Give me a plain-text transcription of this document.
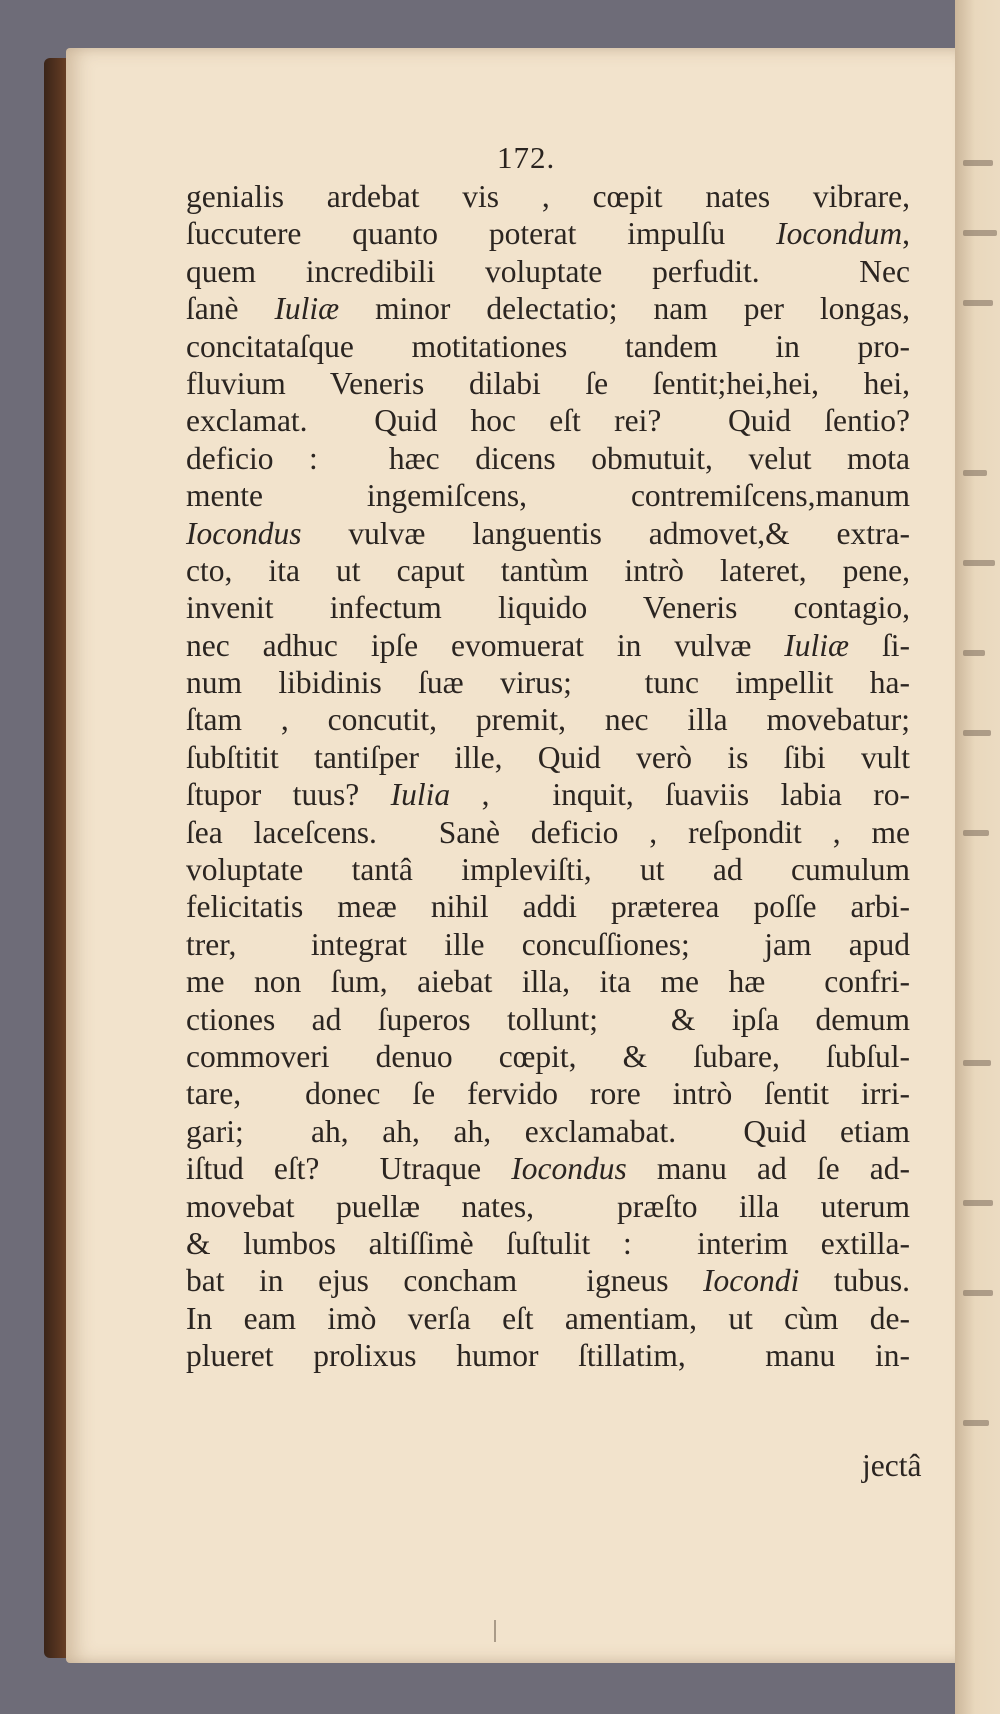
172.
genialis ardebat vis , cœpit nates vibrare,
ſuccutere quanto poterat impulſu Iocondum,
quem incredibili voluptate perfudit.  Nec
ſanè Iuliæ minor delectatio; nam per longas,
concitataſque motitationes tandem in pro-
fluvium Veneris dilabi ſe ſentit;hei,hei, hei,
exclamat.  Quid hoc eſt rei?  Quid ſentio?
deficio :  hæc dicens obmutuit, velut mota
mente ingemiſcens, contremiſcens,manum
Iocondus vulvæ languentis admovet,& extra-
cto, ita ut caput tantùm intrò lateret, pene,
invenit infectum liquido Veneris contagio,
nec adhuc ipſe evomuerat in vulvæ Iuliæ ſi-
num libidinis ſuæ virus;  tunc impellit ha-
ſtam , concutit, premit, nec illa movebatur;
ſubſtitit tantiſper ille, Quid verò is ſibi vult
ſtupor tuus? Iulia ,  inquit, ſuaviis labia ro-
ſea laceſcens.  Sanè deficio , reſpondit , me
voluptate tantâ impleviſti, ut ad cumulum
felicitatis meæ nihil addi præterea poſſe arbi-
trer,  integrat ille concuſſiones;  jam apud
me non ſum, aiebat illa, ita me hæ  confri-
ctiones ad ſuperos tollunt;  & ipſa demum
commoveri denuo cœpit, & ſubare, ſubſul-
tare,  donec ſe fervido rore intrò ſentit irri-
gari;  ah, ah, ah, exclamabat.  Quid etiam
iſtud eſt?  Utraque Iocondus manu ad ſe ad-
movebat puellæ nates,  præſto illa uterum
& lumbos altiſſimè ſuſtulit :  interim extilla-
bat in ejus concham  igneus Iocondi tubus.
In eam imò verſa eſt amentiam, ut cùm de-
plueret prolixus humor ſtillatim,  manu in-
jectâ
